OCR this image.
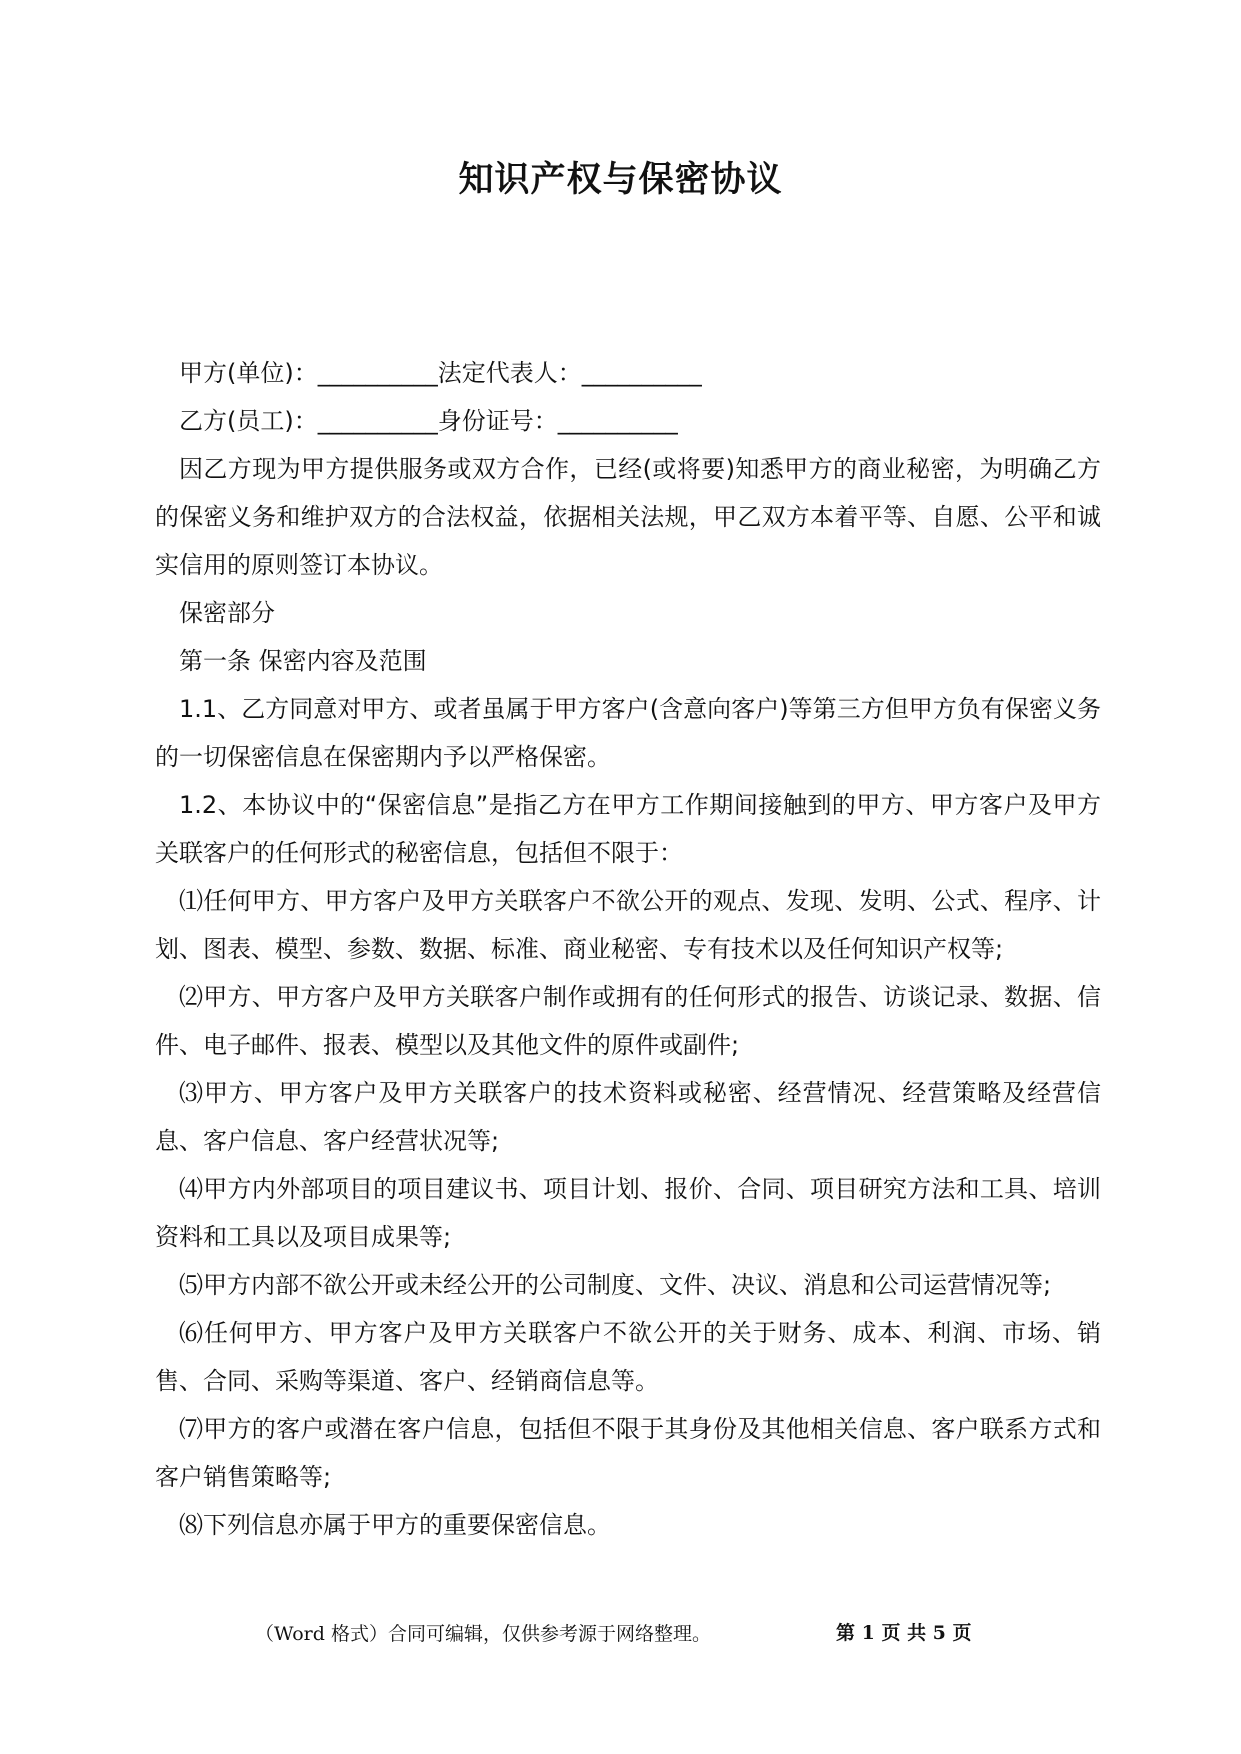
知识产权与保密协议

甲方(单位)：__________法定代表人：__________

乙方(员工)：__________身份证号：__________

因乙方现为甲方提供服务或双方合作，已经(或将要)知悉甲方的商业秘密，为明确乙方的保密义务和维护双方的合法权益，依据相关法规，甲乙双方本着平等、自愿、公平和诚实信用的原则签订本协议。

保密部分

第一条 保密内容及范围

1.1、乙方同意对甲方、或者虽属于甲方客户(含意向客户)等第三方但甲方负有保密义务的一切保密信息在保密期内予以严格保密。

1.2、本协议中的“保密信息”是指乙方在甲方工作期间接触到的甲方、甲方客户及甲方关联客户的任何形式的秘密信息，包括但不限于：

⑴任何甲方、甲方客户及甲方关联客户不欲公开的观点、发现、发明、公式、程序、计划、图表、模型、参数、数据、标准、商业秘密、专有技术以及任何知识产权等;

⑵甲方、甲方客户及甲方关联客户制作或拥有的任何形式的报告、访谈记录、数据、信件、电子邮件、报表、模型以及其他文件的原件或副件;

⑶甲方、甲方客户及甲方关联客户的技术资料或秘密、经营情况、经营策略及经营信息、客户信息、客户经营状况等;

⑷甲方内外部项目的项目建议书、项目计划、报价、合同、项目研究方法和工具、培训资料和工具以及项目成果等;

⑸甲方内部不欲公开或未经公开的公司制度、文件、决议、消息和公司运营情况等;

⑹任何甲方、甲方客户及甲方关联客户不欲公开的关于财务、成本、利润、市场、销售、合同、采购等渠道、客户、经销商信息等。

⑺甲方的客户或潜在客户信息，包括但不限于其身份及其他相关信息、客户联系方式和客户销售策略等;

⑻下列信息亦属于甲方的重要保密信息。

（Word 格式）合同可编辑，仅供参考源于网络整理。	第 1 页 共 5 页
